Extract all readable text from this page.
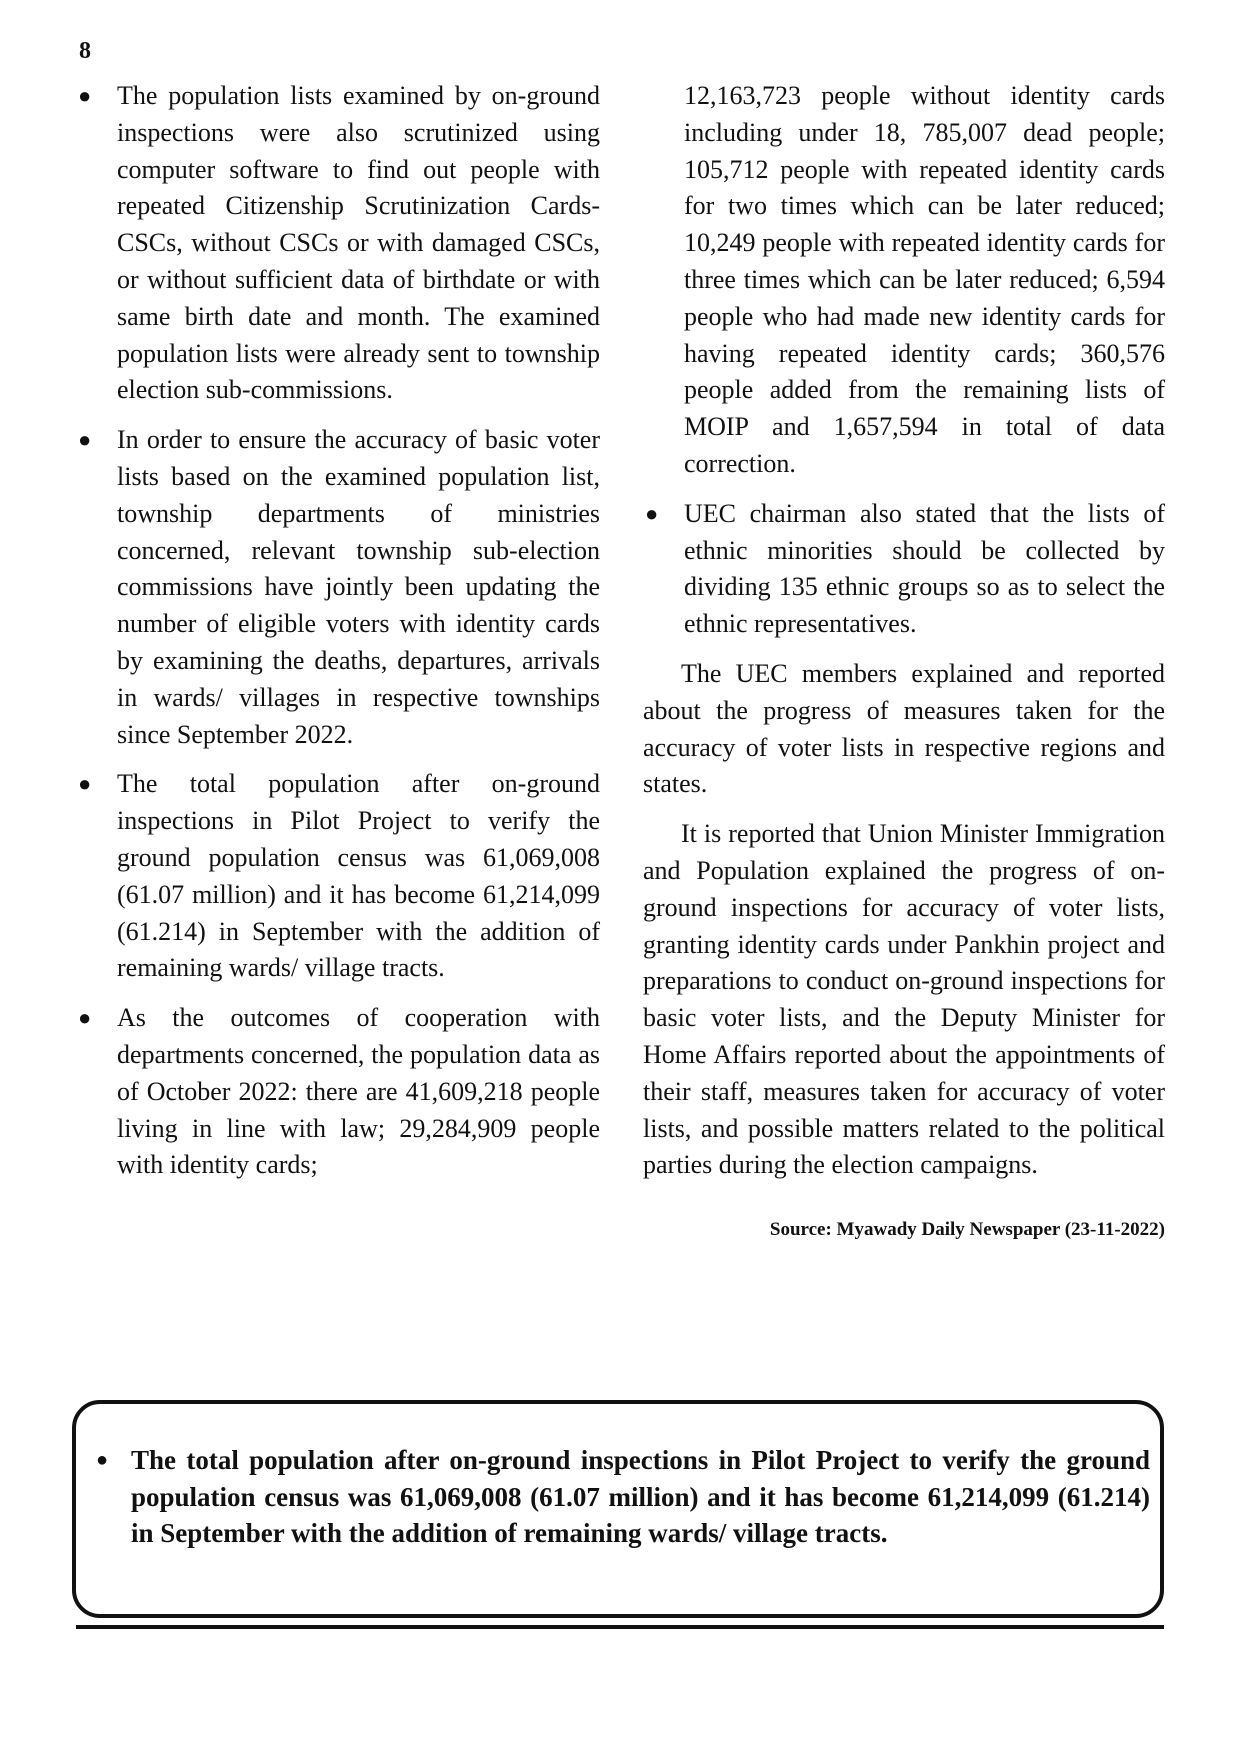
8
● The population lists examined by on-ground inspections were also scrutinized using computer software to find out people with repeated Citizenship Scrutinization Cards-CSCs, without CSCs or with damaged CSCs, or without sufficient data of birthdate or with same birth date and month. The examined population lists were already sent to township election sub-commissions.
● In order to ensure the accuracy of basic voter lists based on the examined population list, township departments of ministries concerned, relevant township sub-election commissions have jointly been updating the number of eligible voters with identity cards by examining the deaths, departures, arrivals in wards/ villages in respective townships since September 2022.
● The total population after on-ground inspections in Pilot Project to verify the ground population census was 61,069,008 (61.07 million) and it has become 61,214,099 (61.214) in September with the addition of remaining wards/ village tracts.
● As the outcomes of cooperation with departments concerned, the population data as of October 2022: there are 41,609,218 people living in line with law; 29,284,909 people with identity cards;

12,163,723 people without identity cards including under 18, 785,007 dead people; 105,712 people with repeated identity cards for two times which can be later reduced; 10,249 people with repeated identity cards for three times which can be later reduced; 6,594 people who had made new identity cards for having repeated identity cards; 360,576 people added from the remaining lists of MOIP and 1,657,594 in total of data correction.

● UEC chairman also stated that the lists of ethnic minorities should be collected by dividing 135 ethnic groups so as to select the ethnic representatives.

The UEC members explained and reported about the progress of measures taken for the accuracy of voter lists in respective regions and states.

It is reported that Union Minister Immigration and Population explained the progress of on-ground inspections for accuracy of voter lists, granting identity cards under Pankhin project and preparations to conduct on-ground inspections for basic voter lists, and the Deputy Minister for Home Affairs reported about the appointments of their staff, measures taken for accuracy of voter lists, and possible matters related to the political parties during the election campaigns.

Source: Myawady Daily Newspaper (23-11-2022)
● The total population after on-ground inspections in Pilot Project to verify the ground population census was 61,069,008 (61.07 million) and it has become 61,214,099 (61.214) in September with the addition of remaining wards/ village tracts.
